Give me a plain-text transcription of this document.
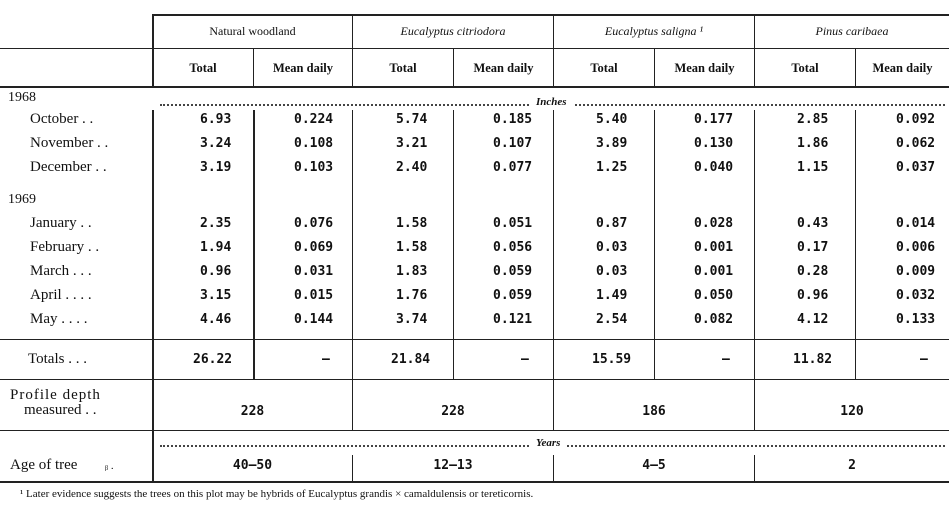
Natural woodland	Eucalyptus citriodora	Eucalyptus saligna ¹	Pinus caribaea
Total	Mean daily	Total	Mean daily	Total	Mean daily	Total	Mean daily
Inches
1968
1969
October . .	6.93	0.224	5.74	0.185	5.40	0.177	2.85	0.092
November . .	3.24	0.108	3.21	0.107	3.89	0.130	1.86	0.062
December . .	3.19	0.103	2.40	0.077	1.25	0.040	1.15	0.037
January . .	2.35	0.076	1.58	0.051	0.87	0.028	0.43	0.014
February . .	1.94	0.069	1.58	0.056	0.03	0.001	0.17	0.006
March . . .	0.96	0.031	1.83	0.059	0.03	0.001	0.28	0.009
April . . . .	3.15	0.015	1.76	0.059	1.49	0.050	0.96	0.032
May . . . .	4.46	0.144	3.74	0.121	2.54	0.082	4.12	0.133
Totals . . .	26.22	—	21.84	—	15.59	—	11.82	—
Profile depth
measured . .	228	228	186	120
Years
Age of tree	ᵦ .	40—50	12—13	4—5	2
¹ Later evidence suggests the trees on this plot may be hybrids of Eucalyptus grandis × camaldulensis or tereticornis.
